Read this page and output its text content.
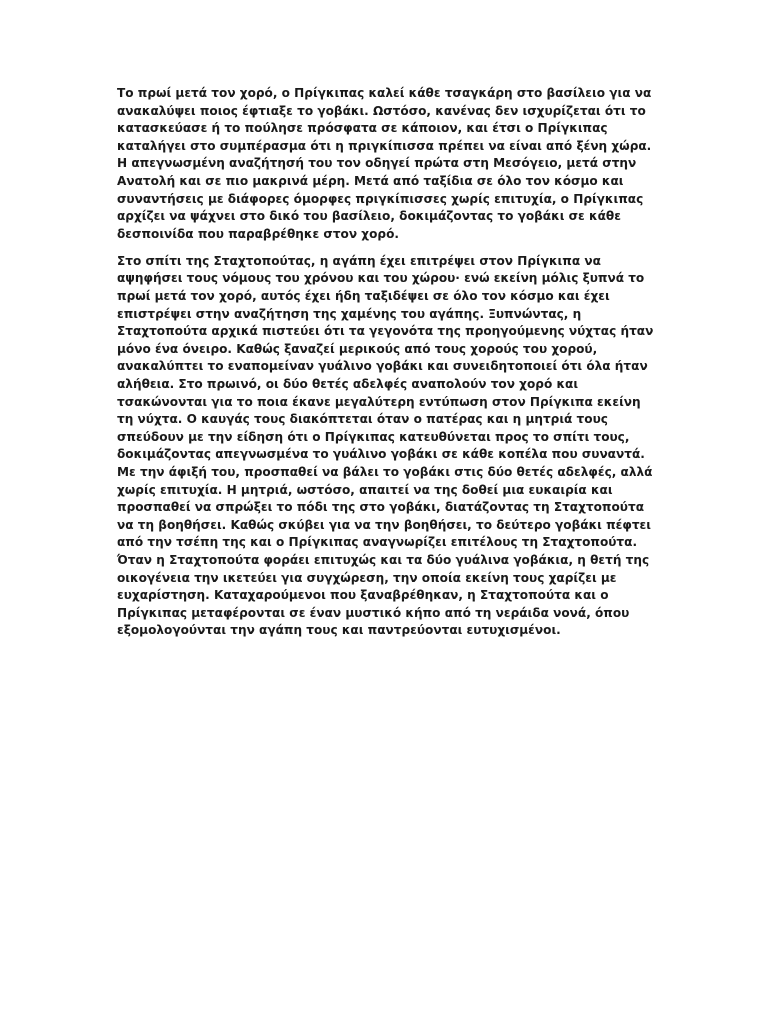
Το πρωί μετά τον χορό, ο Πρίγκιπας καλεί κάθε τσαγκάρη στο βασίλειο για να ανακαλύψει ποιος έφτιαξε το γοβάκι. Ωστόσο, κανένας δεν ισχυρίζεται ότι το κατασκεύασε ή το πούλησε πρόσφατα σε κάποιον, και έτσι ο Πρίγκιπας καταλήγει στο συμπέρασμα ότι η πριγκίπισσα πρέπει να είναι από ξένη χώρα. Η απεγνωσμένη αναζήτησή του τον οδηγεί πρώτα στη Μεσόγειο, μετά στην Ανατολή και σε πιο μακρινά μέρη. Μετά από ταξίδια σε όλο τον κόσμο και συναντήσεις με διάφορες όμορφες πριγκίπισσες χωρίς επιτυχία, ο Πρίγκιπας αρχίζει να ψάχνει στο δικό του βασίλειο, δοκιμάζοντας το γοβάκι σε κάθε δεσποινίδα που παραβρέθηκε στον χορό.

Στο σπίτι της Σταχτοπούτας, η αγάπη έχει επιτρέψει στον Πρίγκιπα να αψηφήσει τους νόμους του χρόνου και του χώρου· ενώ εκείνη μόλις ξυπνά το πρωί μετά τον χορό, αυτός έχει ήδη ταξιδέψει σε όλο τον κόσμο και έχει επιστρέψει στην αναζήτηση της χαμένης του αγάπης. Ξυπνώντας, η Σταχτοπούτα αρχικά πιστεύει ότι τα γεγονότα της προηγούμενης νύχτας ήταν μόνο ένα όνειρο. Καθώς ξαναζεί μερικούς από τους χορούς του χορού, ανακαλύπτει το εναπομείναν γυάλινο γοβάκι και συνειδητοποιεί ότι όλα ήταν αλήθεια. Στο πρωινό, οι δύο θετές αδελφές αναπολούν τον χορό και τσακώνονται για το ποια έκανε μεγαλύτερη εντύπωση στον Πρίγκιπα εκείνη τη νύχτα. Ο καυγάς τους διακόπτεται όταν ο πατέρας και η μητριά τους σπεύδουν με την είδηση ότι ο Πρίγκιπας κατευθύνεται προς το σπίτι τους, δοκιμάζοντας απεγνωσμένα το γυάλινο γοβάκι σε κάθε κοπέλα που συναντά. Με την άφιξή του, προσπαθεί να βάλει το γοβάκι στις δύο θετές αδελφές, αλλά χωρίς επιτυχία. Η μητριά, ωστόσο, απαιτεί να της δοθεί μια ευκαιρία και προσπαθεί να σπρώξει το πόδι της στο γοβάκι, διατάζοντας τη Σταχτοπούτα να τη βοηθήσει. Καθώς σκύβει για να την βοηθήσει, το δεύτερο γοβάκι πέφτει από την τσέπη της και ο Πρίγκιπας αναγνωρίζει επιτέλους τη Σταχτοπούτα. Όταν η Σταχτοπούτα φοράει επιτυχώς και τα δύο γυάλινα γοβάκια, η θετή της οικογένεια την ικετεύει για συγχώρεση, την οποία εκείνη τους χαρίζει με ευχαρίστηση. Καταχαρούμενοι που ξαναβρέθηκαν, η Σταχτοπούτα και ο Πρίγκιπας μεταφέρονται σε έναν μυστικό κήπο από τη νεράιδα νονά, όπου εξομολογούνται την αγάπη τους και παντρεύονται ευτυχισμένοι.
